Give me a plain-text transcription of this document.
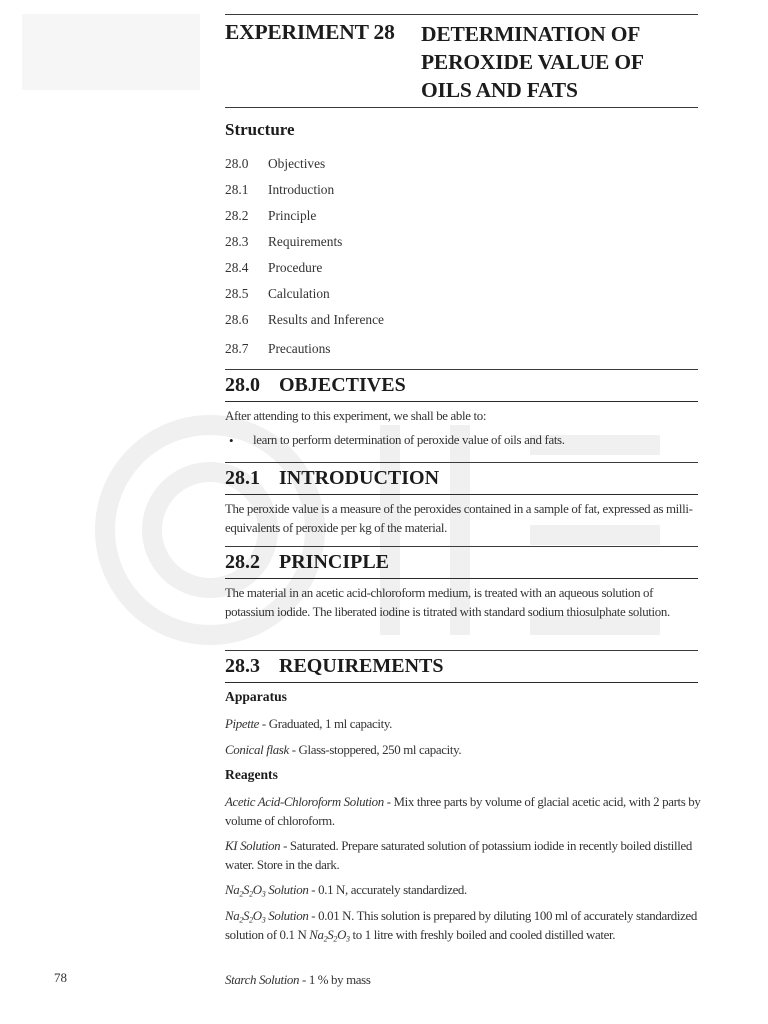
EXPERIMENT 28 DETERMINATION OF PEROXIDE VALUE OF OILS AND FATS
Structure
28.0 Objectives
28.1 Introduction
28.2 Principle
28.3 Requirements
28.4 Procedure
28.5 Calculation
28.6 Results and Inference
28.7 Precautions
28.0 OBJECTIVES
After attending to this experiment, we shall be able to:
• learn to perform determination of peroxide value of oils and fats.
28.1 INTRODUCTION
The peroxide value is a measure of the peroxides contained in a sample of fat, expressed as milli-equivalents of peroxide per kg of the material.
28.2 PRINCIPLE
The material in an acetic acid-chloroform medium, is treated with an aqueous solution of potassium iodide. The liberated iodine is titrated with standard sodium thiosulphate solution.
28.3 REQUIREMENTS
Apparatus
Pipette - Graduated, 1 ml capacity.
Conical flask - Glass-stoppered, 250 ml capacity.
Reagents
Acetic Acid-Chloroform Solution - Mix three parts by volume of glacial acetic acid, with 2 parts by volume of chloroform.
KI Solution - Saturated. Prepare saturated solution of potassium iodide in recently boiled distilled water. Store in the dark.
$Na_2S_2O_3$ Solution - 0.1 N, accurately standardized.
$Na_2S_2O_3$ Solution - 0.01 N. This solution is prepared by diluting 100 ml of accurately standardized solution of 0.1 N $Na_2S_2O_3$ to 1 litre with freshly boiled and cooled distilled water.
Starch Solution - 1 % by mass
78
